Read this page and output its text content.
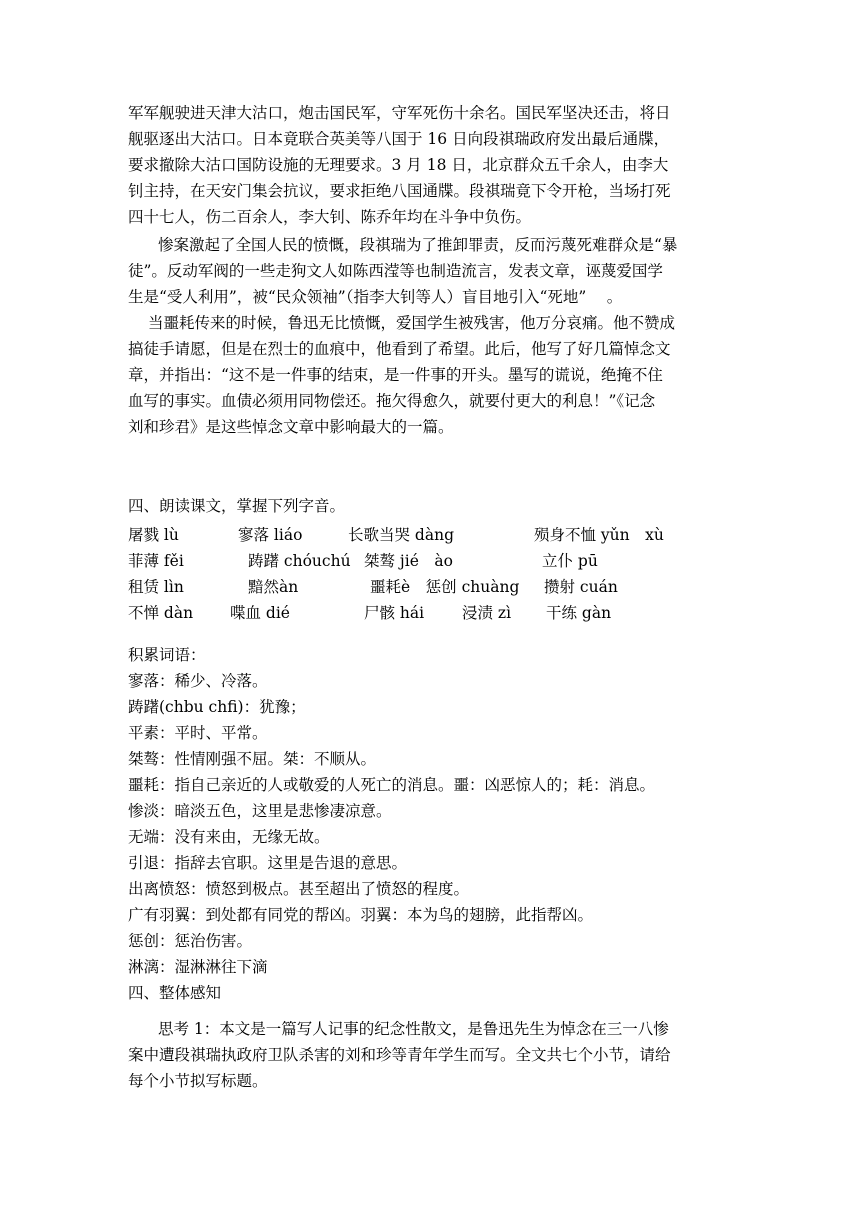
军军舰驶进天津大沽口，炮击国民军，守军死伤十余名。国民军坚决还击，将日
舰驱逐出大沽口。日本竟联合英美等八国于 16 日向段祺瑞政府发出最后通牒，
要求撤除大沽口国防设施的无理要求。3 月 18 日，北京群众五千余人，由李大
钊主持，在天安门集会抗议，要求拒绝八国通牒。段祺瑞竟下令开枪，当场打死
四十七人，伤二百余人，李大钊、陈乔年均在斗争中负伤。
惨案激起了全国人民的愤慨，段祺瑞为了推卸罪责，反而污蔑死难群众是“暴
徒”。反动军阀的一些走狗文人如陈西滢等也制造流言，发表文章，诬蔑爱国学
生是“受人利用”，被“民众领袖”（指李大钊等人）盲目地引入“死地”　 。
当噩耗传来的时候，鲁迅无比愤慨，爱国学生被残害，他万分哀痛。他不赞成
搞徒手请愿，但是在烈士的血痕中，他看到了希望。此后，他写了好几篇悼念文
章，并指出：“这不是一件事的结束，是一件事的开头。墨写的谎说，绝掩不住
血写的事实。血债必须用同物偿还。拖欠得愈久，就要付更大的利息！”《记念
刘和珍君》是这些悼念文章中影响最大的一篇。
四、朗读课文，掌握下列字音。
屠戮 lù	寥落 liáo	长歌当哭 dàng	殒身不恤 yǔn　xù
菲薄 fěi	踌躇 chóuchú 桀骜 jié　ào	立仆 pū
租赁 lìn	黯然àn	噩耗è　惩创 chuàng 攒射 cuán
不惮 dàn 喋血 dié	尸骸 hái 浸渍 zì 干练 gàn
积累词语：
寥落：稀少、冷落。
踌躇(chbu chfi)：犹豫；
平素：平时、平常。
桀骜：性情刚强不屈。桀：不顺从。
噩耗：指自己亲近的人或敬爱的人死亡的消息。噩：凶恶惊人的；耗：消息。
惨淡：暗淡五色，这里是悲惨凄凉意。
无端：没有来由，无缘无故。
引退：指辞去官职。这里是告退的意思。
出离愤怒：愤怒到极点。甚至超出了愤怒的程度。
广有羽翼：到处都有同党的帮凶。羽翼：本为鸟的翅膀，此指帮凶。
惩创：惩治伤害。
淋漓：湿淋淋往下滴
四、整体感知
思考 1：本文是一篇写人记事的纪念性散文，是鲁迅先生为悼念在三一八惨
案中遭段祺瑞执政府卫队杀害的刘和珍等青年学生而写。全文共七个小节，请给
每个小节拟写标题。
